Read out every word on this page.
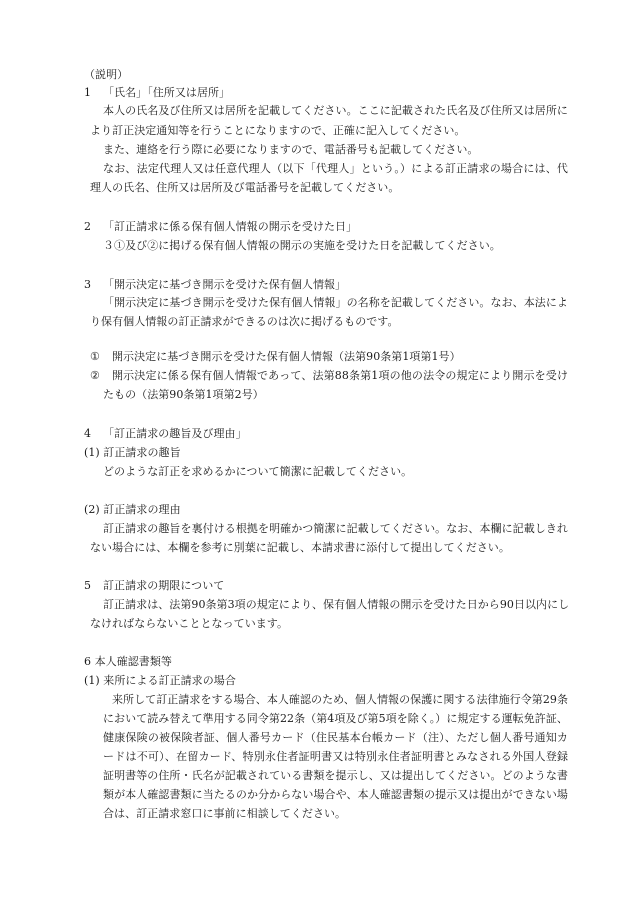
（説明）
1 「氏名」「住所又は居所」
本人の氏名及び住所又は居所を記載してください。ここに記載された氏名及び住所又は居所に
より訂正決定通知等を行うことになりますので、正確に記入してください。
また、連絡を行う際に必要になりますので、電話番号も記載してください。
なお、法定代理人又は任意代理人（以下「代理人」という。）による訂正請求の場合には、代
理人の氏名、住所又は居所及び電話番号を記載してください。
2 「訂正請求に係る保有個人情報の開示を受けた日」
３①及び②に掲げる保有個人情報の開示の実施を受けた日を記載してください。
3 「開示決定に基づき開示を受けた保有個人情報」
「開示決定に基づき開示を受けた保有個人情報」の名称を記載してください。なお、本法によ
り保有個人情報の訂正請求ができるのは次に掲げるものです。
① 開示決定に基づき開示を受けた保有個人情報（法第90条第1項第1号）
② 開示決定に係る保有個人情報であって、法第88条第1項の他の法令の規定により開示を受け
たもの（法第90条第1項第2号）
4 「訂正請求の趣旨及び理由」
(1) 訂正請求の趣旨
どのような訂正を求めるかについて簡潔に記載してください。
(2) 訂正請求の理由
訂正請求の趣旨を裏付ける根拠を明確かつ簡潔に記載してください。なお、本欄に記載しきれ
ない場合には、本欄を参考に別葉に記載し、本請求書に添付して提出してください。
5 訂正請求の期限について
訂正請求は、法第90条第3項の規定により、保有個人情報の開示を受けた日から90日以内にし
なければならないこととなっています。
6 本人確認書類等
(1) 来所による訂正請求の場合
来所して訂正請求をする場合、本人確認のため、個人情報の保護に関する法律施行令第29条
において読み替えて準用する同令第22条（第4項及び第5項を除く。）に規定する運転免許証、
健康保険の被保険者証、個人番号カード（住民基本台帳カード（注）、ただし個人番号通知カ
ードは不可）、在留カード、特別永住者証明書又は特別永住者証明書とみなされる外国人登録
証明書等の住所・氏名が記載されている書類を提示し、又は提出してください。どのような書
類が本人確認書類に当たるのか分からない場合や、本人確認書類の提示又は提出ができない場
合は、訂正請求窓口に事前に相談してください。
